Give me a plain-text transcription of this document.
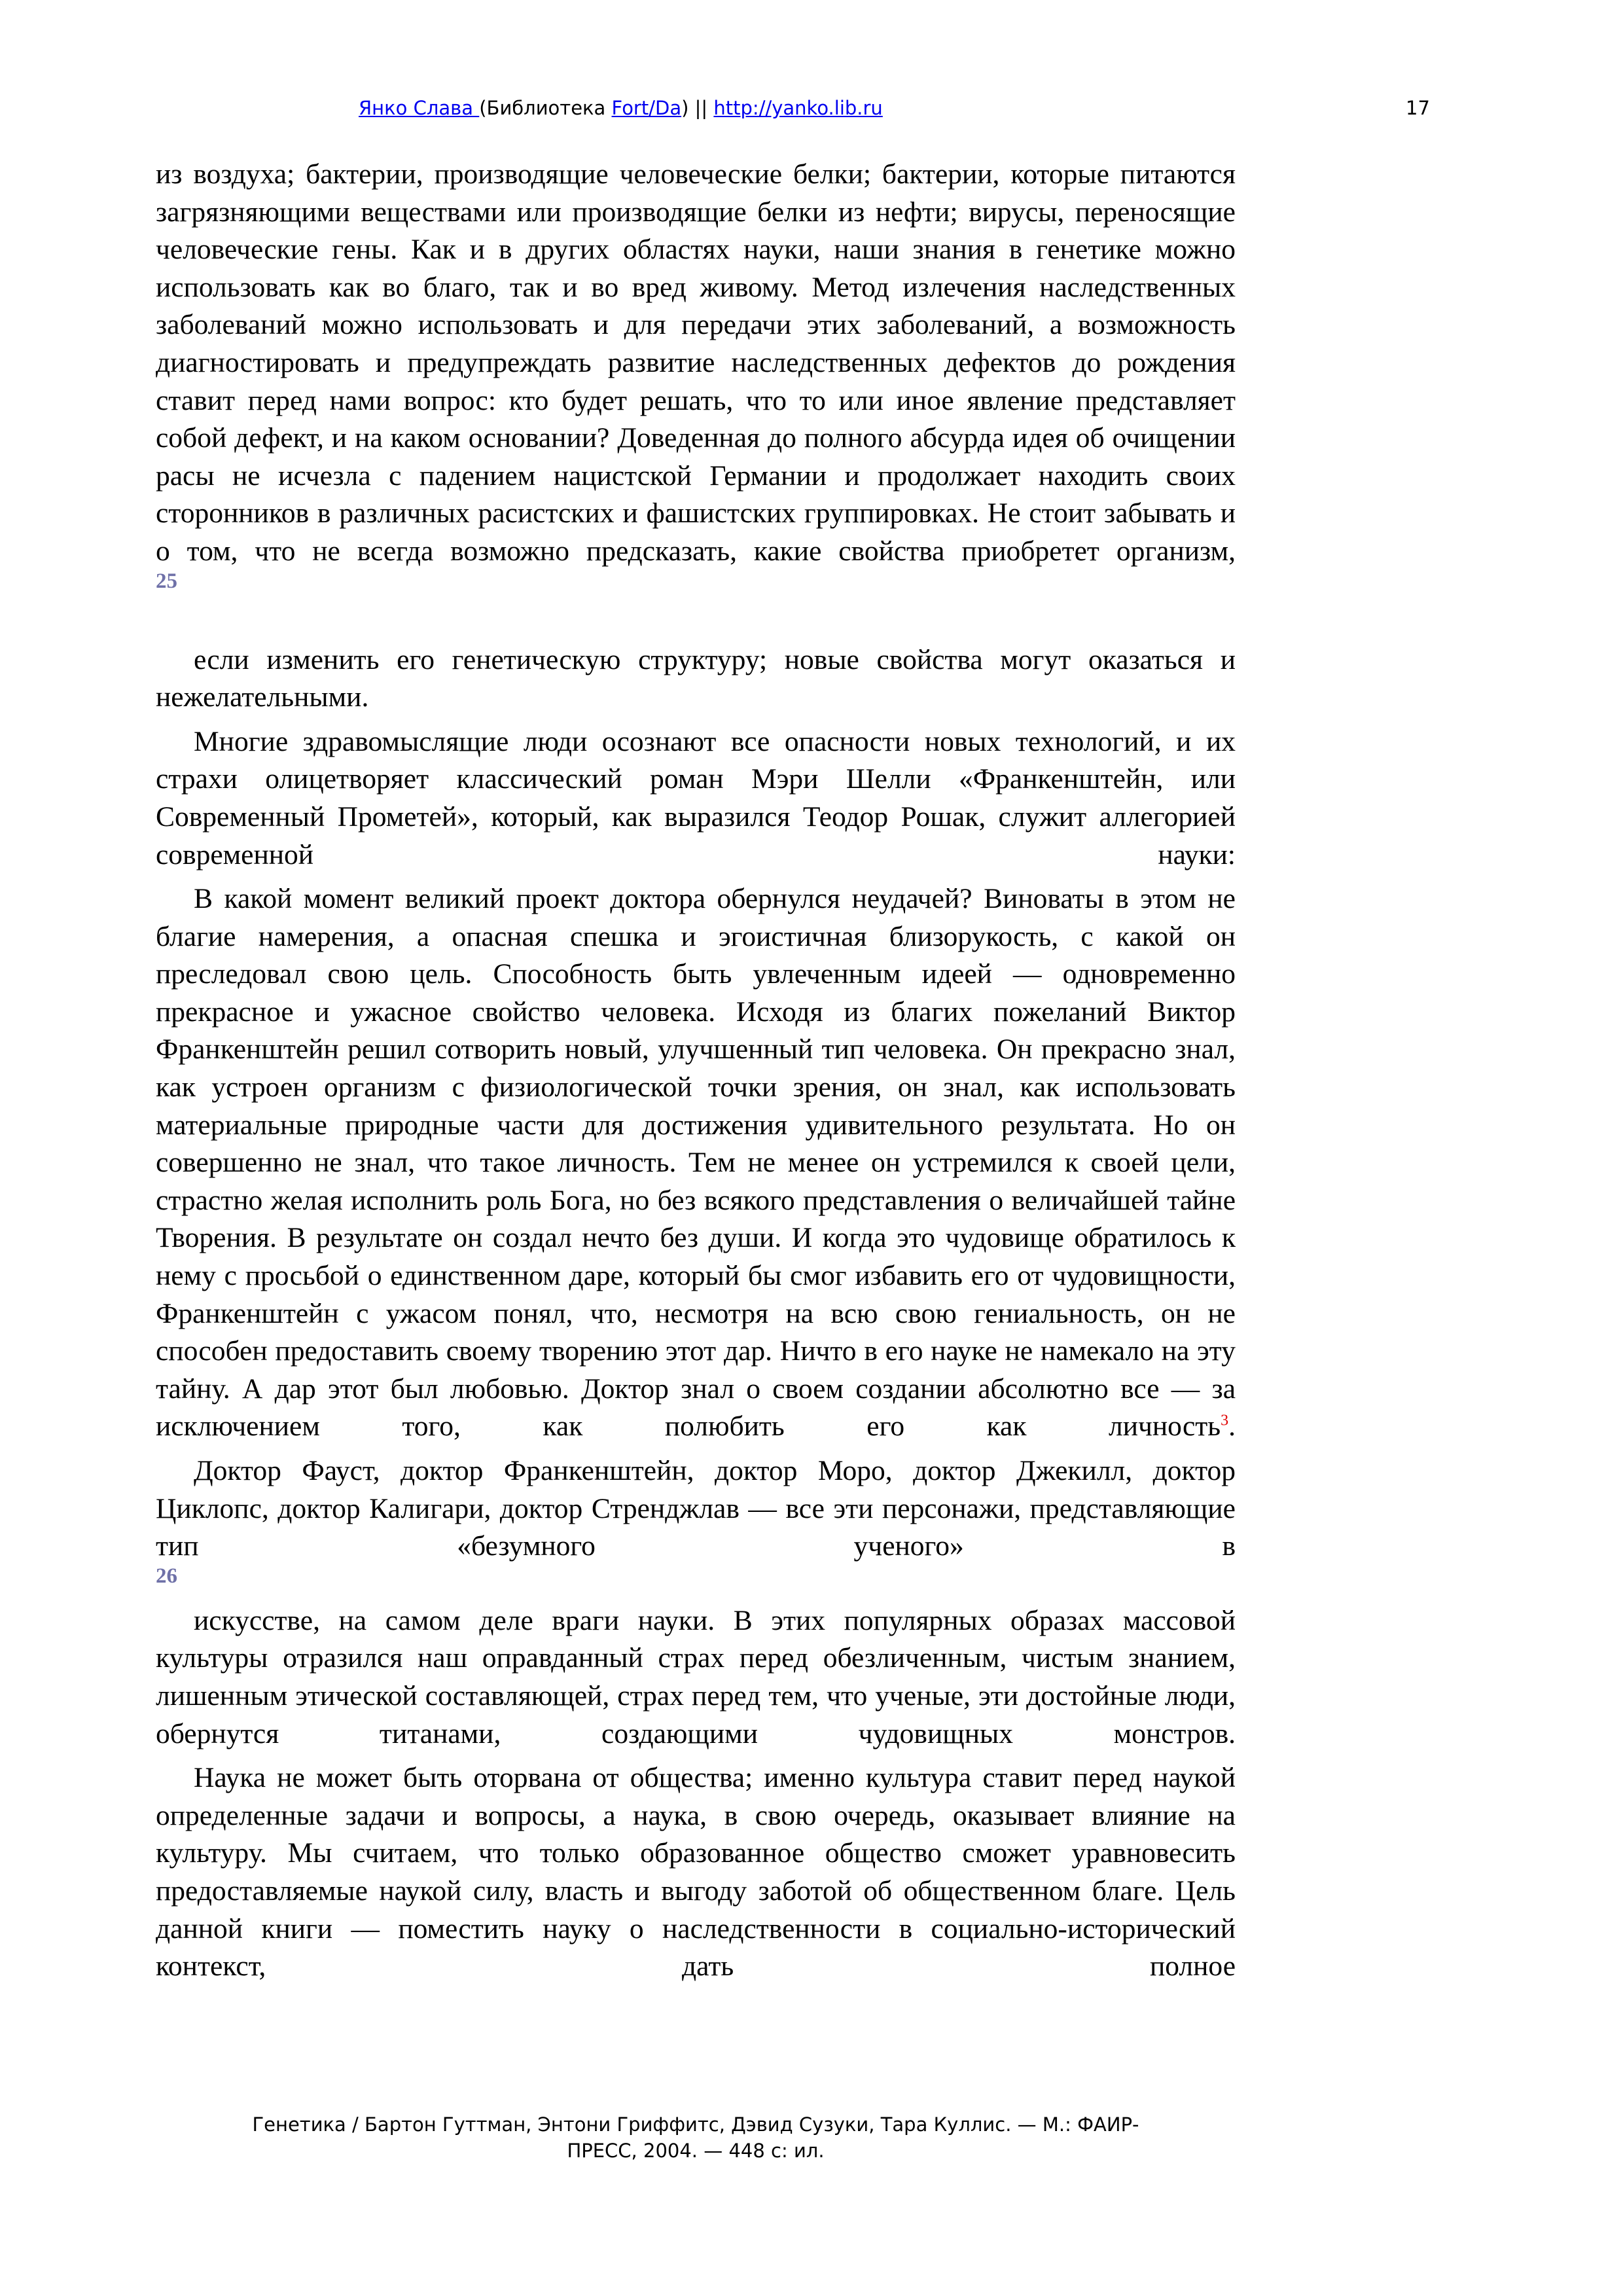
Янко Слава (Библиотека Fort/Da) || http://yanko.lib.ru	17

из воздуха; бактерии, производящие человеческие белки; бактерии, которые питаются загрязняющими веществами или производящие белки из нефти; вирусы, переносящие человеческие гены. Как и в других областях науки, наши знания в генетике можно использовать как во благо, так и во вред живому. Метод излечения наследственных заболеваний можно использовать и для передачи этих заболеваний, а возможность диагностировать и предупреждать развитие наследственных дефектов до рождения ставит перед нами вопрос: кто будет решать, что то или иное явление представляет собой дефект, и на каком основании? Доведенная до полного абсурда идея об очищении расы не исчезла с падением нацистской Германии и продолжает находить своих сторонников в различных расистских и фашистских группировках. Не стоит забывать и о том, что не всегда возможно предсказать, какие свойства приобретет организм,

25

если изменить его генетическую структуру; новые свойства могут оказаться и нежелательными.

Многие здравомыслящие люди осознают все опасности новых технологий, и их страхи олицетворяет классический роман Мэри Шелли «Франкенштейн, или Современный Прометей», который, как выразился Теодор Рошак, служит аллегорией современной науки:

В какой момент великий проект доктора обернулся неудачей? Виноваты в этом не благие намерения, а опасная спешка и эгоистичная близорукость, с какой он преследовал свою цель. Способность быть увлеченным идеей — одновременно прекрасное и ужасное свойство человека. Исходя из благих пожеланий Виктор Франкенштейн решил сотворить новый, улучшенный тип человека. Он прекрасно знал, как устроен организм с физиологической точки зрения, он знал, как использовать материальные природные части для достижения удивительного результата. Но он совершенно не знал, что такое личность. Тем не менее он устремился к своей цели, страстно желая исполнить роль Бога, но без всякого представления о величайшей тайне Творения. В результате он создал нечто без души. И когда это чудовище обратилось к нему с просьбой о единственном даре, который бы смог избавить его от чудовищности, Франкенштейн с ужасом понял, что, несмотря на всю свою гениальность, он не способен предоставить своему творению этот дар. Ничто в его науке не намекало на эту тайну. А дар этот был любовью. Доктор знал о своем создании абсолютно все — за исключением того, как полюбить его как личность$^3$.

Доктор Фауст, доктор Франкенштейн, доктор Моро, доктор Джекилл, доктор Циклопс, доктор Калигари, доктор Стренджлав — все эти персонажи, представляющие тип «безумного ученого» в

26

искусстве, на самом деле враги науки. В этих популярных образах массовой культуры отразился наш оправданный страх перед обезличенным, чистым знанием, лишенным этической составляющей, страх перед тем, что ученые, эти достойные люди, обернутся титанами, создающими чудовищных монстров.

Наука не может быть оторвана от общества; именно культура ставит перед наукой определенные задачи и вопросы, а наука, в свою очередь, оказывает влияние на культуру. Мы считаем, что только образованное общество сможет уравновесить предоставляемые наукой силу, власть и выгоду заботой об общественном благе. Цель данной книги — поместить науку о наследственности в социально-исторический контекст, дать полное

Генетика / Бартон Гуттман, Энтони Гриффитс, Дэвид Сузуки, Тара Куллис. — М.: ФАИР-
ПРЕСС, 2004. — 448 с: ил.
